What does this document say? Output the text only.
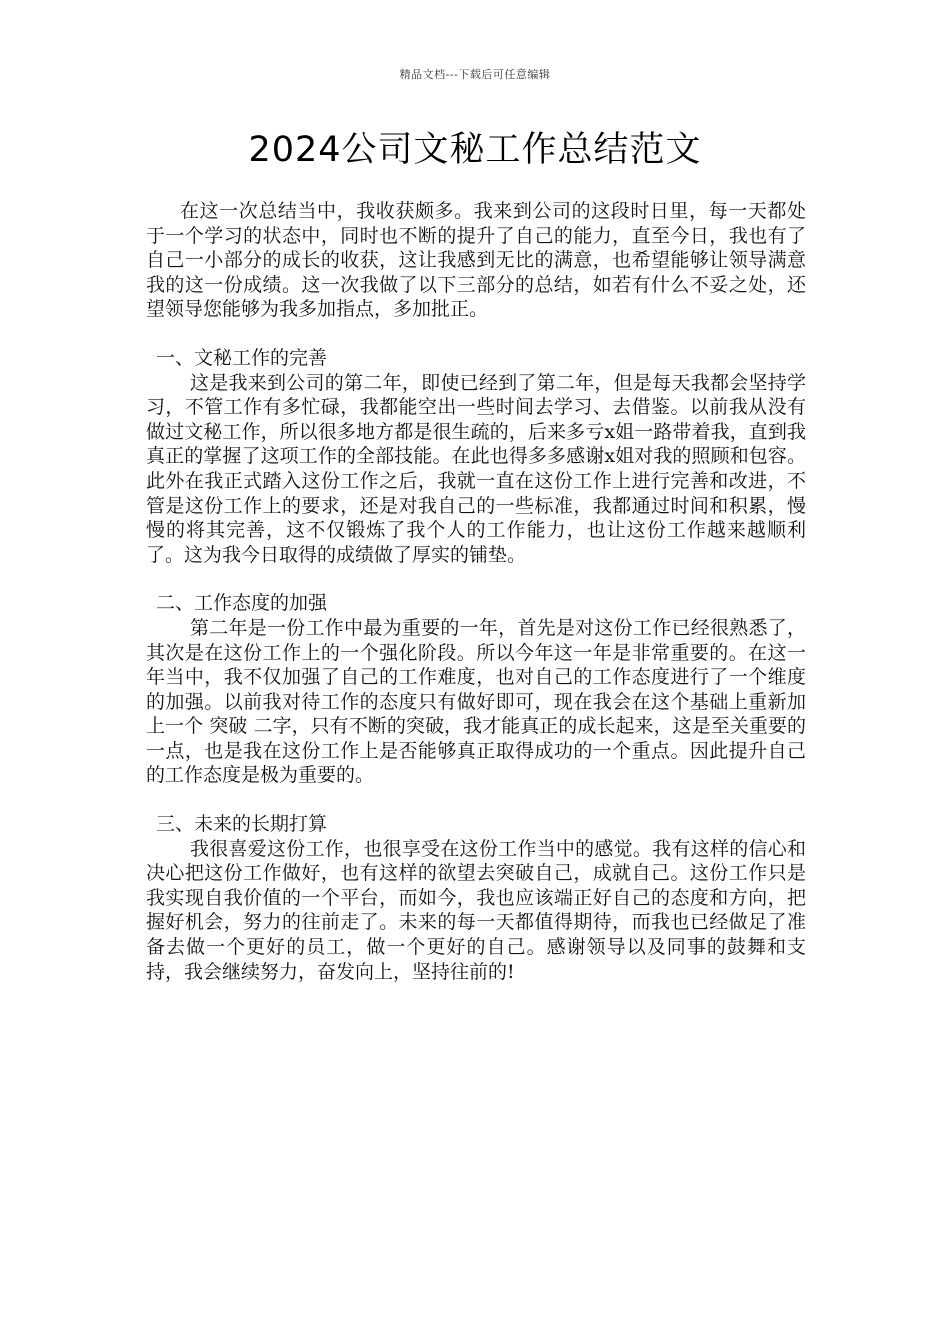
精品文档---下载后可任意编辑
2024公司文秘工作总结范文

在这一次总结当中，我收获颇多。我来到公司的这段时日里，每一天都处于一个学习的状态中，同时也不断的提升了自己的能力，直至今日，我也有了自己一小部分的成长的收获，这让我感到无比的满意，也希望能够让领导满意我的这一份成绩。这一次我做了以下三部分的总结，如若有什么不妥之处，还望领导您能够为我多加指点，多加批正。

一、文秘工作的完善

这是我来到公司的第二年，即使已经到了第二年，但是每天我都会坚持学习，不管工作有多忙碌，我都能空出一些时间去学习、去借鉴。以前我从没有做过文秘工作，所以很多地方都是很生疏的，后来多亏x姐一路带着我，直到我真正的掌握了这项工作的全部技能。在此也得多多感谢x姐对我的照顾和包容。此外在我正式踏入这份工作之后，我就一直在这份工作上进行完善和改进，不管是这份工作上的要求，还是对我自己的一些标准，我都通过时间和积累，慢慢的将其完善，这不仅锻炼了我个人的工作能力，也让这份工作越来越顺利了。这为我今日取得的成绩做了厚实的铺垫。

二、工作态度的加强

第二年是一份工作中最为重要的一年，首先是对这份工作已经很熟悉了，其次是在这份工作上的一个强化阶段。所以今年这一年是非常重要的。在这一年当中，我不仅加强了自己的工作难度，也对自己的工作态度进行了一个维度的加强。以前我对待工作的态度只有做好即可，现在我会在这个基础上重新加上一个 突破 二字，只有不断的突破，我才能真正的成长起来，这是至关重要的一点，也是我在这份工作上是否能够真正取得成功的一个重点。因此提升自己的工作态度是极为重要的。

三、未来的长期打算

我很喜爱这份工作，也很享受在这份工作当中的感觉。我有这样的信心和决心把这份工作做好，也有这样的欲望去突破自己，成就自己。这份工作只是我实现自我价值的一个平台，而如今，我也应该端正好自己的态度和方向，把握好机会，努力的往前走了。未来的每一天都值得期待，而我也已经做足了准备去做一个更好的员工，做一个更好的自己。感谢领导以及同事的鼓舞和支持，我会继续努力，奋发向上，坚持往前的!
